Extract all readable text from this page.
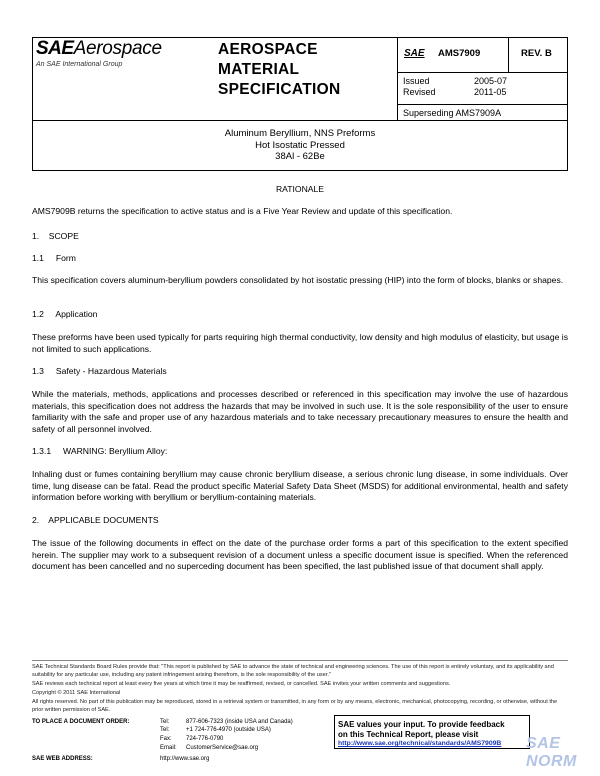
SAEAerospace
An SAE International Group
AEROSPACE
MATERIAL
SPECIFICATION
SAE AMS7909	REV. B
Issued	2005-07
Revised	2011-05
Superseding AMS7909A
Aluminum Beryllium, NNS Preforms
Hot Isostatic Pressed
38Al - 62Be
RATIONALE
AMS7909B returns the specification to active status and is a Five Year Review and update of this specification.
1.    SCOPE
1.1     Form
This specification covers aluminum-beryllium powders consolidated by hot isostatic pressing (HIP) into the form of blocks, blanks or shapes.
1.2     Application
These preforms have been used typically for parts requiring high thermal conductivity, low density and high modulus of elasticity, but usage is not limited to such applications.
1.3     Safety - Hazardous Materials
While the materials, methods, applications and processes described or referenced in this specification may involve the use of hazardous materials, this specification does not address the hazards that may be involved in such use. It is the sole responsibility of the user to ensure familiarity with the safe and proper use of any hazardous materials and to take necessary precautionary measures to ensure the health and safety of all personnel involved.
1.3.1     WARNING: Beryllium Alloy:
Inhaling dust or fumes containing beryllium may cause chronic beryllium disease, a serious chronic lung disease, in some individuals. Over time, lung disease can be fatal. Read the product specific Material Safety Data Sheet (MSDS) for additional environmental, health and safety information before working with beryllium or beryllium-containing materials.
2.    APPLICABLE DOCUMENTS
The issue of the following documents in effect on the date of the purchase order forms a part of this specification to the extent specified herein. The supplier may work to a subsequent revision of a document unless a specific document issue is specified. When the referenced document has been cancelled and no superceding document has been specified, the last published issue of that document shall apply.
SAE Technical Standards Board Rules provide that: "This report is published by SAE to advance the state of technical and engineering sciences. The use of this report is entirely voluntary, and its applicability and suitability for any particular use, including any patent infringement arising therefrom, is the sole responsibility of the user."
SAE reviews each technical report at least every five years at which time it may be reaffirmed, revised, or cancelled. SAE invites your written comments and suggestions.
Copyright © 2011 SAE International
All rights reserved. No part of this publication may be reproduced, stored in a retrieval system or transmitted, in any form or by any means, electronic, mechanical, photocopying, recording, or otherwise, without the prior written permission of SAE.
TO PLACE A DOCUMENT ORDER:	Tel:	877-606-7323 (inside USA and Canada)
Tel:	+1 724-776-4970 (outside USA)
Fax: 724-776-0790
Email: CustomerService@sae.org
SAE WEB ADDRESS:	http://www.sae.org
SAE values your input. To provide feedback
on this Technical Report, please visit
http://www.sae.org/technical/standards/AMS7909B	SAE NORM
